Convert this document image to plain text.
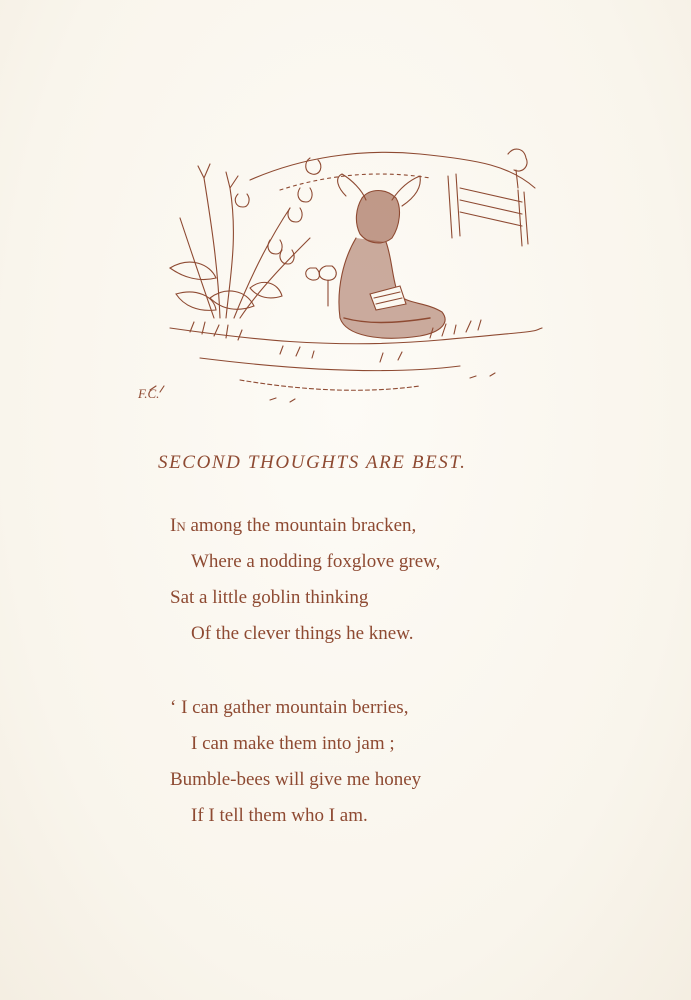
F.C.
SECOND THOUGHTS ARE BEST.
In among the mountain bracken,
Where a nodding foxglove grew,
Sat a little goblin thinking
Of the clever things he knew.
‘ I can gather mountain berries,
I can make them into jam ;
Bumble-bees will give me honey
If I tell them who I am.
